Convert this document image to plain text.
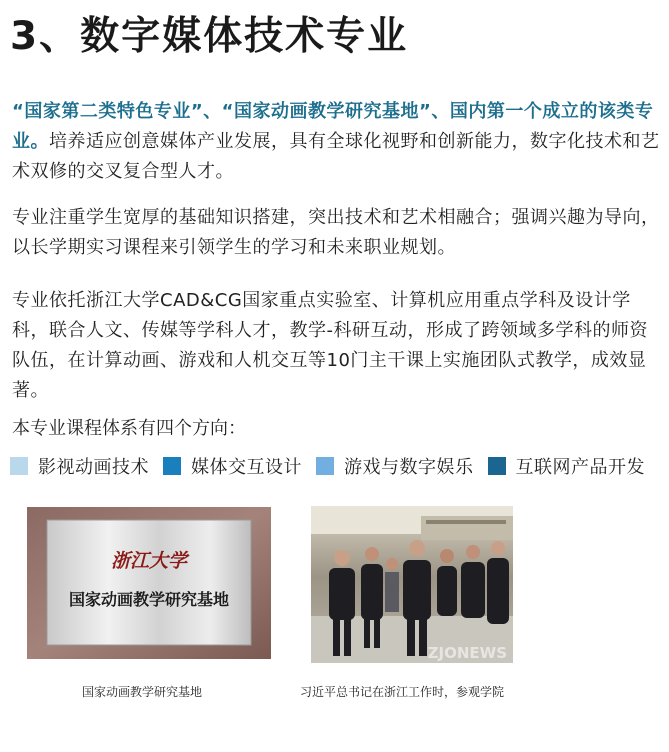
3、数字媒体技术专业

“国家第二类特色专业”、“国家动画教学研究基地”、国内第一个成立的该类专业。培养适应创意媒体产业发展，具有全球化视野和创新能力，数字化技术和艺术双修的交叉复合型人才。

专业注重学生宽厚的基础知识搭建，突出技术和艺术相融合；强调兴趣为导向，以长学期实习课程来引领学生的学习和未来职业规划。

专业依托浙江大学CAD&CG国家重点实验室、计算机应用重点学科及设计学科，联合人文、传媒等学科人才，教学-科研互动，形成了跨领域多学科的师资队伍，在计算动画、游戏和人机交互等10门主干课上实施团队式教学，成效显著。

本专业课程体系有四个方向：

影视动画技术 媒体交互设计 游戏与数字娱乐 互联网产品开发
浙江大学
国家动画教学研究基地
ZJONEWS

国家动画教学研究基地	习近平总书记在浙江工作时，参观学院
